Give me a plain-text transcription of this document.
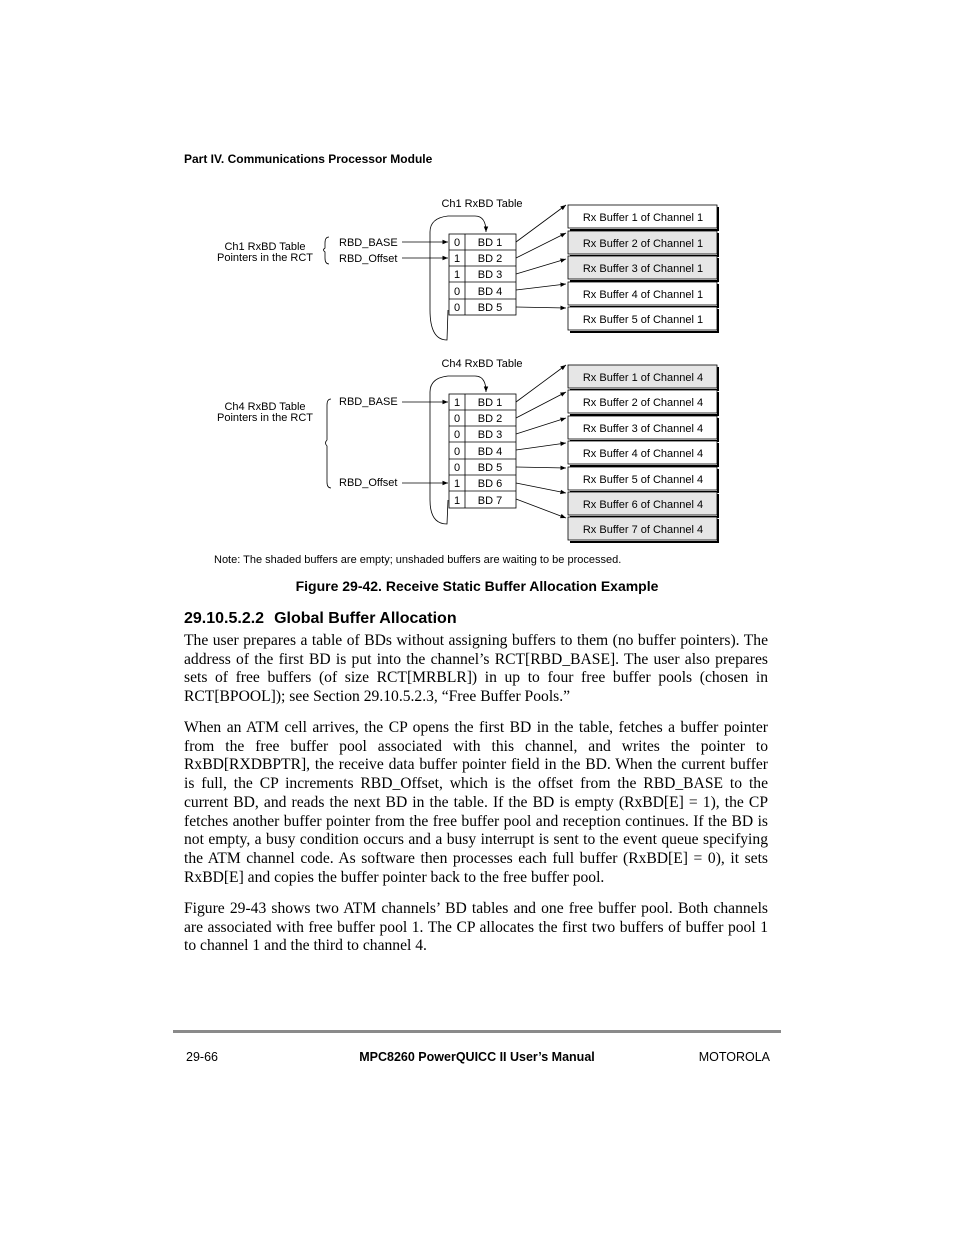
Part IV. Communications Processor Module
Ch1 RxBD Table
Ch1 RxBD Table
Pointers in the RCT
RBD_BASE
RBD_Offset
0 BD 1
1 BD 2
1 BD 3
0 BD 4
0 BD 5
Rx Buffer 1 of Channel 1
Rx Buffer 2 of Channel 1
Rx Buffer 3 of Channel 1
Rx Buffer 4 of Channel 1
Rx Buffer 5 of Channel 1
Ch4 RxBD Table
Ch4 RxBD Table
Pointers in the RCT
RBD_BASE
RBD_Offset
1 BD 1
0 BD 2
0 BD 3
0 BD 4
0 BD 5
1 BD 6
1 BD 7
Rx Buffer 1 of Channel 4
Rx Buffer 2 of Channel 4
Rx Buffer 3 of Channel 4
Rx Buffer 4 of Channel 4
Rx Buffer 5 of Channel 4
Rx Buffer 6 of Channel 4
Rx Buffer 7 of Channel 4
Note: The shaded buffers are empty; unshaded buffers are waiting to be processed.
Figure 29-42. Receive Static Buffer Allocation Example
29.10.5.2.2 Global Buffer Allocation

The user prepares a table of BDs without assigning buffers to them (no buffer pointers). The address of the first BD is put into the channel’s RCT[RBD_BASE]. The user also prepares sets of free buffers (of size RCT[MRBLR]) in up to four free buffer pools (chosen in RCT[BPOOL]); see Section 29.10.5.2.3, “Free Buffer Pools.”

When an ATM cell arrives, the CP opens the first BD in the table, fetches a buffer pointer from the free buffer pool associated with this channel, and writes the pointer to RxBD[RXDBPTR], the receive data buffer pointer field in the BD. When the current buffer is full, the CP increments RBD_Offset, which is the offset from the RBD_BASE to the current BD, and reads the next BD in the table. If the BD is empty (RxBD[E] = 1), the CP fetches another buffer pointer from the free buffer pool and reception continues. If the BD is not empty, a busy condition occurs and a busy interrupt is sent to the event queue specifying the ATM channel code. As software then processes each full buffer (RxBD[E] = 0), it sets RxBD[E] and copies the buffer pointer back to the free buffer pool.

Figure 29-43 shows two ATM channels’ BD tables and one free buffer pool. Both channels are associated with free buffer pool 1. The CP allocates the first two buffers of buffer pool 1 to channel 1 and the third to channel 4.

29-66	MPC8260 PowerQUICC II User’s Manual	MOTOROLA
